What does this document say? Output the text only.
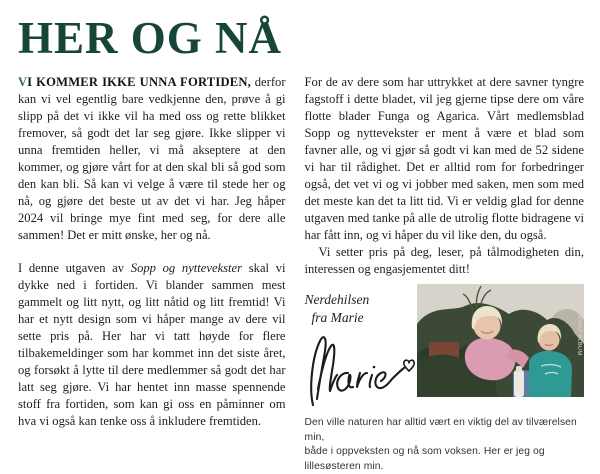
HER OG NÅ

VI KOMMER IKKE UNNA FORTIDEN, derfor kan vi vel egentlig bare vedkjenne den, prøve å gi slipp på det vi ikke vil ha med oss og rette blikket fremover, så godt det lar seg gjøre. Ikke slipper vi unna fremtiden heller, vi må akseptere at den kommer, og gjøre vårt for at den skal bli så god som den kan bli. Så kan vi velge å være til stede her og nå, og gjøre det beste ut av det vi har. Jeg håper 2024 vil bringe mye fint med seg, for dere alle sammen! Det er mitt ønske, her og nå.

I denne utgaven av Sopp og nyttevekster skal vi dykke ned i fortiden. Vi blander sammen mest gammelt og litt nytt, og litt nåtid og litt fremtid! Vi har et nytt design som vi håper mange av dere vil sette pris på. Her har vi tatt høyde for flere tilbakemeldinger som har kommet inn det siste året, og forsøkt å lytte til dere medlemmer så godt det har latt seg gjøre. Vi har hentet inn masse spennende stoff fra fortiden, som kan gi oss en påminner om hva vi også kan tenke oss å inkludere fremtiden.

For de av dere som har uttrykket at dere savner tyngre fagstoff i dette bladet, vil jeg gjerne tipse dere om våre flotte blader Funga og Agarica. Vårt medlemsblad Sopp og nyttevekster er ment å være et blad som favner alle, og vi gjør så godt vi kan med de 52 sidene vi har til rådighet. Det er alltid rom for forbedringer også, det vet vi og vi jobber med saken, men som med det meste kan det ta litt tid. Vi er veldig glad for denne utgaven med tanke på alle de utrolig flotte bidragene vi har fått inn, og vi håper du vil like den, du også.

Vi setter pris på deg, leser, på tålmodigheten din, interessen og engasjementet ditt!

Nerdehilsen
fra Marie	FOTO: PRIVAT ALBUM
Den ville naturen har alltid vært en viktig del av tilværelsen min,
både i oppveksten og nå som voksen. Her er jeg og lillesøsteren min.
